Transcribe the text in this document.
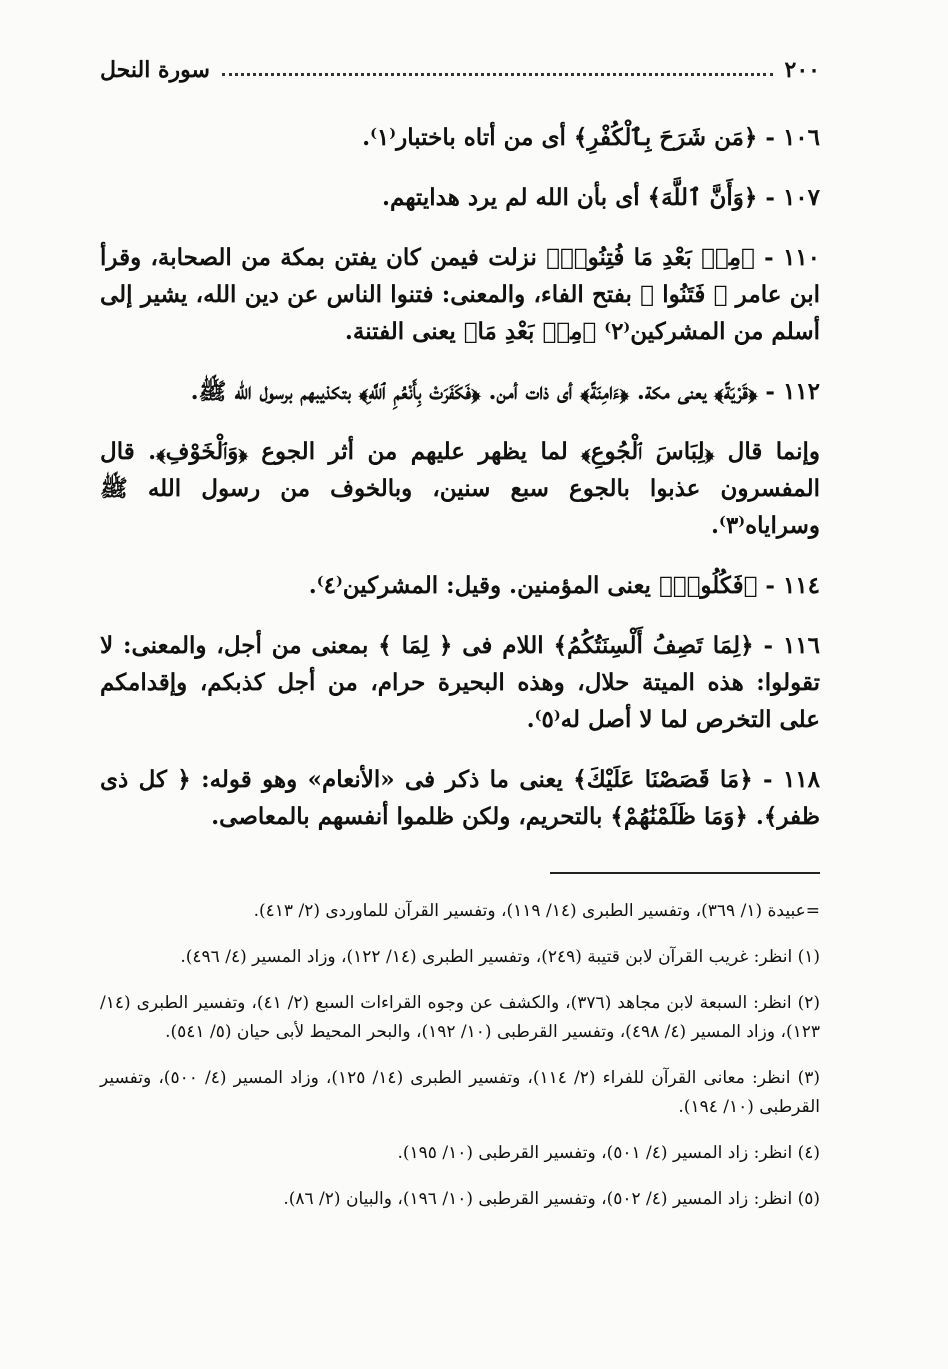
٢٠٠
سورة النحل

١٠٦ - ﴿مَن شَرَحَ بِٱلْكُفْرِ﴾ أى من أتاه باختبار⁽١⁾.

١٠٧ - ﴿وَأَنَّ ٱللَّهَ﴾ أى بأن الله لم يرد هدايتهم.

١١٠ - ﴿مِنۢ بَعْدِ مَا فُتِنُوا۟﴾ نزلت فيمن كان يفتن بمكة من الصحابة، وقرأ ابن عامر ﴿ فَتَنُوا ﴾ بفتح الفاء، والمعنى: فتنوا الناس عن دين الله، يشير إلى أسلم من المشركين⁽٢⁾ ﴿مِنۢ بَعْدِ مَا﴾ يعنى الفتنة.

١١٢ - ﴿قَرْيَةً﴾ يعنى مكة. ﴿ءَامِنَةً﴾ أى ذات أمن. ﴿فَكَفَرَتْ بِأَنْعُمِ ٱللَّهِ﴾ بتكذيبهم برسول الله ﷺ.

وإنما قال ﴿لِبَاسَ ٱلْجُوعِ﴾ لما يظهر عليهم من أثر الجوع ﴿وَٱلْخَوْفِ﴾. قال المفسرون عذبوا بالجوع سبع سنين، وبالخوف من رسول الله ﷺ وسراياه⁽٣⁾.

١١٤ - ﴿فَكُلُوا۟﴾ يعنى المؤمنين. وقيل: المشركين⁽٤⁾.

١١٦ - ﴿لِمَا تَصِفُ أَلْسِنَتُكُمُ﴾ اللام فى ﴿ لِمَا ﴾ بمعنى من أجل، والمعنى: لا تقولوا: هذه الميتة حلال، وهذه البحيرة حرام، من أجل كذبكم، وإقدامكم على التخرص لما لا أصل له⁽٥⁾.

١١٨ - ﴿مَا قَصَصْنَا عَلَيْكَ﴾ يعنى ما ذكر فى «الأنعام» وهو قوله: ﴿ كل ذى ظفر﴾. ﴿وَمَا ظَلَمْنَٰهُمْ﴾ بالتحريم، ولكن ظلموا أنفسهم بالمعاصى.

=عبيدة (١/ ٣٦٩)، وتفسير الطبرى (١٤/ ١١٩)، وتفسير القرآن للماوردى (٢/ ٤١٣).

(١) انظر: غريب القرآن لابن قتيبة (٢٤٩)، وتفسير الطبرى (١٤/ ١٢٢)، وزاد المسير (٤/ ٤٩٦).

(٢) انظر: السبعة لابن مجاهد (٣٧٦)، والكشف عن وجوه القراءات السبع (٢/ ٤١)، وتفسير الطبرى (١٤/ ١٢٣)، وزاد المسير (٤/ ٤٩٨)، وتفسير القرطبى (١٠/ ١٩٢)، والبحر المحيط لأبى حيان (٥/ ٥٤١).

(٣) انظر: معانى القرآن للفراء (٢/ ١١٤)، وتفسير الطبرى (١٤/ ١٢٥)، وزاد المسير (٤/ ٥٠٠)، وتفسير القرطبى (١٠/ ١٩٤).

(٤) انظر: زاد المسير (٤/ ٥٠١)، وتفسير القرطبى (١٠/ ١٩٥).

(٥) انظر: زاد المسير (٤/ ٥٠٢)، وتفسير القرطبى (١٠/ ١٩٦)، والبيان (٢/ ٨٦).
